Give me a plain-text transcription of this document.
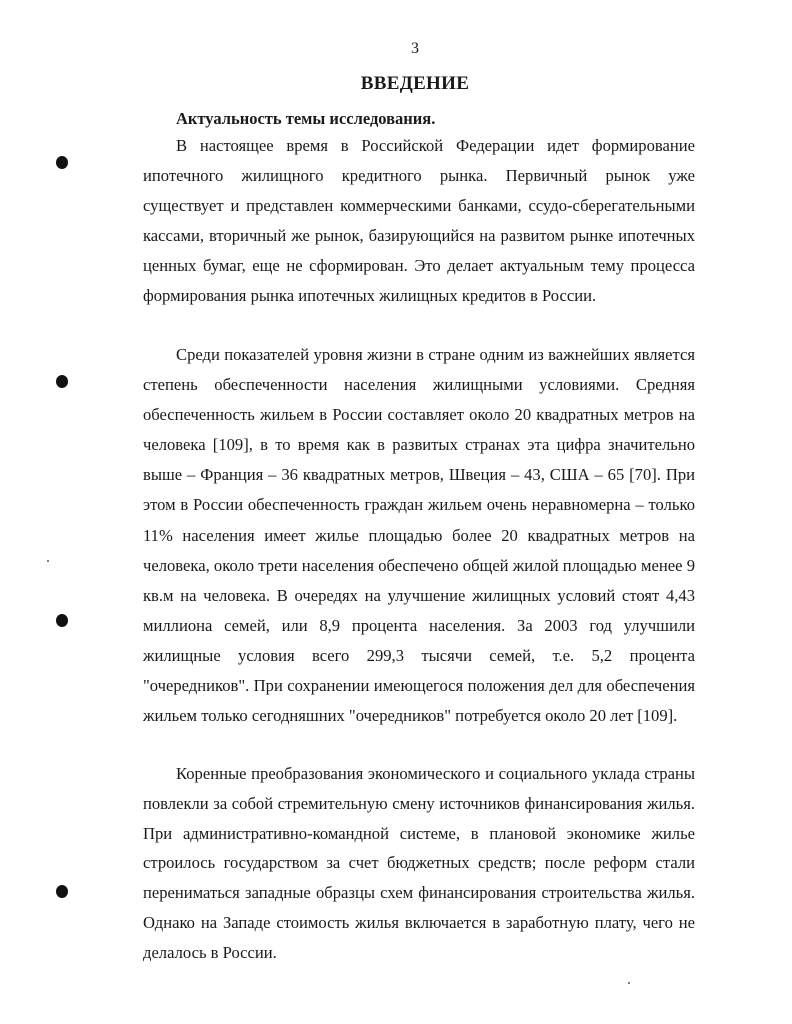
3

ВВЕДЕНИЕ
Актуальность темы исследования.

В настоящее время в Российской Федерации идет формирование ипотечного жилищного кредитного рынка. Первичный рынок уже существует и представлен коммерческими банками, ссудо-сберегательными кассами, вторичный же рынок, базирующийся на развитом рынке ипотечных ценных бумаг, еще не сформирован. Это делает актуальным тему процесса формирования рынка ипотечных жилищных кредитов в России.

Среди показателей уровня жизни в стране одним из важнейших является степень обеспеченности населения жилищными условиями. Средняя обеспеченность жильем в России составляет около 20 квадратных метров на человека [109], в то время как в развитых странах эта цифра значительно выше – Франция – 36 квадратных метров, Швеция – 43, США – 65 [70]. При этом в России обеспеченность граждан жильем очень неравномерна – только 11% населения имеет жилье площадью более 20 квадратных метров на человека, около трети населения обеспечено общей жилой площадью менее 9 кв.м на человека. В очередях на улучшение жилищных условий стоят 4,43 миллиона семей, или 8,9 процента населения. За 2003 год улучшили жилищные условия всего 299,3 тысячи семей, т.е. 5,2 процента "очередников". При сохранении имеющегося положения дел для обеспечения жильем только сегодняшних "очередников" потребуется около 20 лет [109].

Коренные преобразования экономического и социального уклада страны повлекли за собой стремительную смену источников финансирования жилья. При административно-командной системе, в плановой экономике жилье строилось государством за счет бюджетных средств; после реформ стали перениматься западные образцы схем финансирования строительства жилья. Однако на Западе стоимость жилья включается в заработную плату, чего не делалось в России.
